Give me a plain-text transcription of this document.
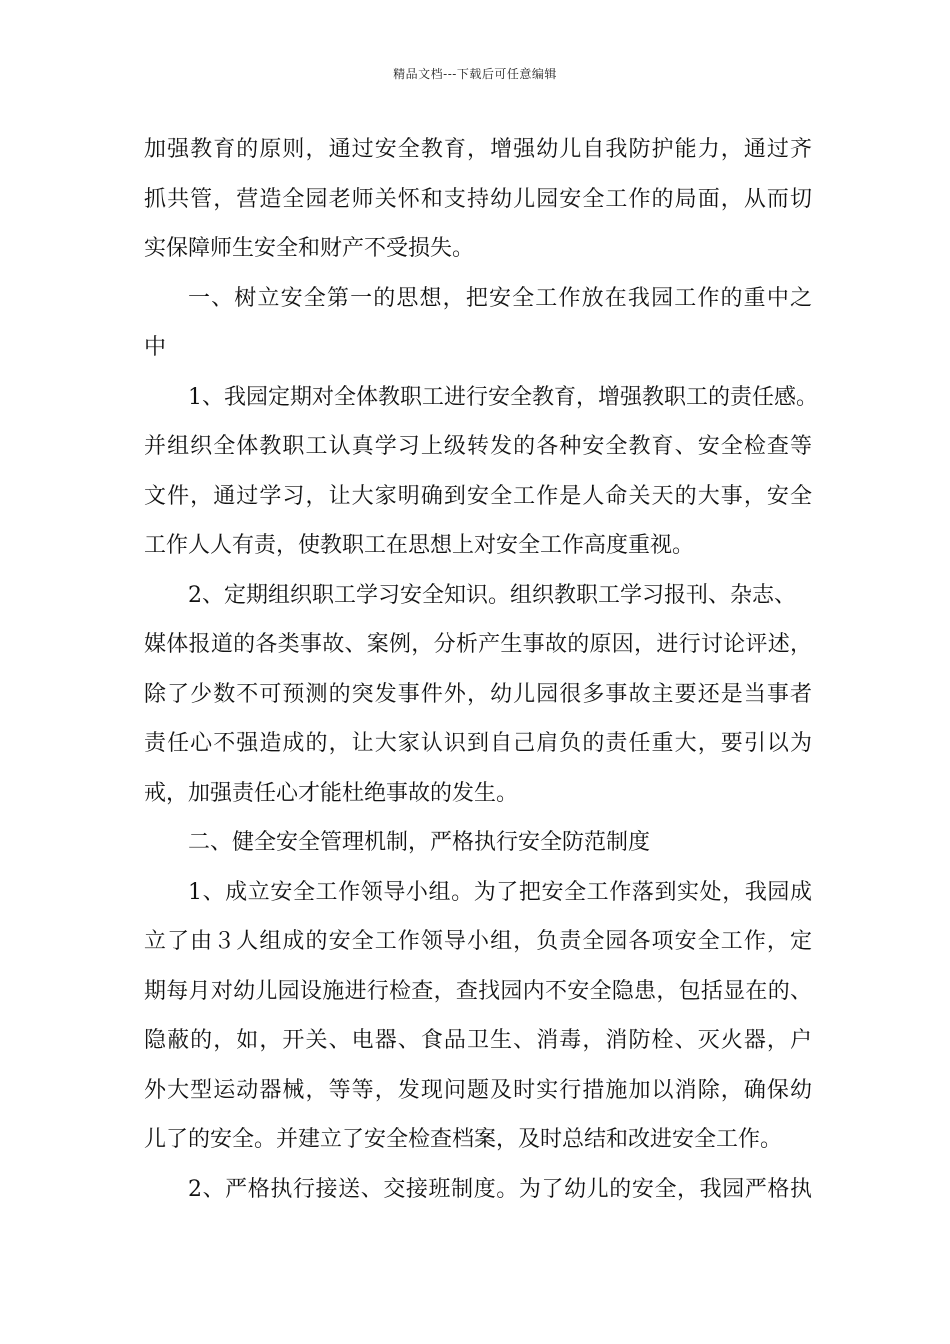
精品文档---下载后可任意编辑
加强教育的原则，通过安全教育，增强幼儿自我防护能力，通过齐
抓共管，营造全园老师关怀和支持幼儿园安全工作的局面，从而切
实保障师生安全和财产不受损失。
一、树立安全第一的思想，把安全工作放在我园工作的重中之
中
1、我园定期对全体教职工进行安全教育，增强教职工的责任感。
并组织全体教职工认真学习上级转发的各种安全教育、安全检查等
文件，通过学习，让大家明确到安全工作是人命关天的大事，安全
工作人人有责，使教职工在思想上对安全工作高度重视。
2、定期组织职工学习安全知识。组织教职工学习报刊、杂志、
媒体报道的各类事故、案例，分析产生事故的原因，进行讨论评述，
除了少数不可预测的突发事件外，幼儿园很多事故主要还是当事者
责任心不强造成的，让大家认识到自己肩负的责任重大，要引以为
戒，加强责任心才能杜绝事故的发生。
二、健全安全管理机制，严格执行安全防范制度
1、成立安全工作领导小组。为了把安全工作落到实处，我园成
立了由３人组成的安全工作领导小组，负责全园各项安全工作，定
期每月对幼儿园设施进行检查，查找园内不安全隐患，包括显在的、
隐蔽的，如，开关、电器、食品卫生、消毒，消防栓、灭火器，户
外大型运动器械，等等，发现问题及时实行措施加以消除，确保幼
儿了的安全。并建立了安全检查档案，及时总结和改进安全工作。
2、严格执行接送、交接班制度。为了幼儿的安全，我园严格执
